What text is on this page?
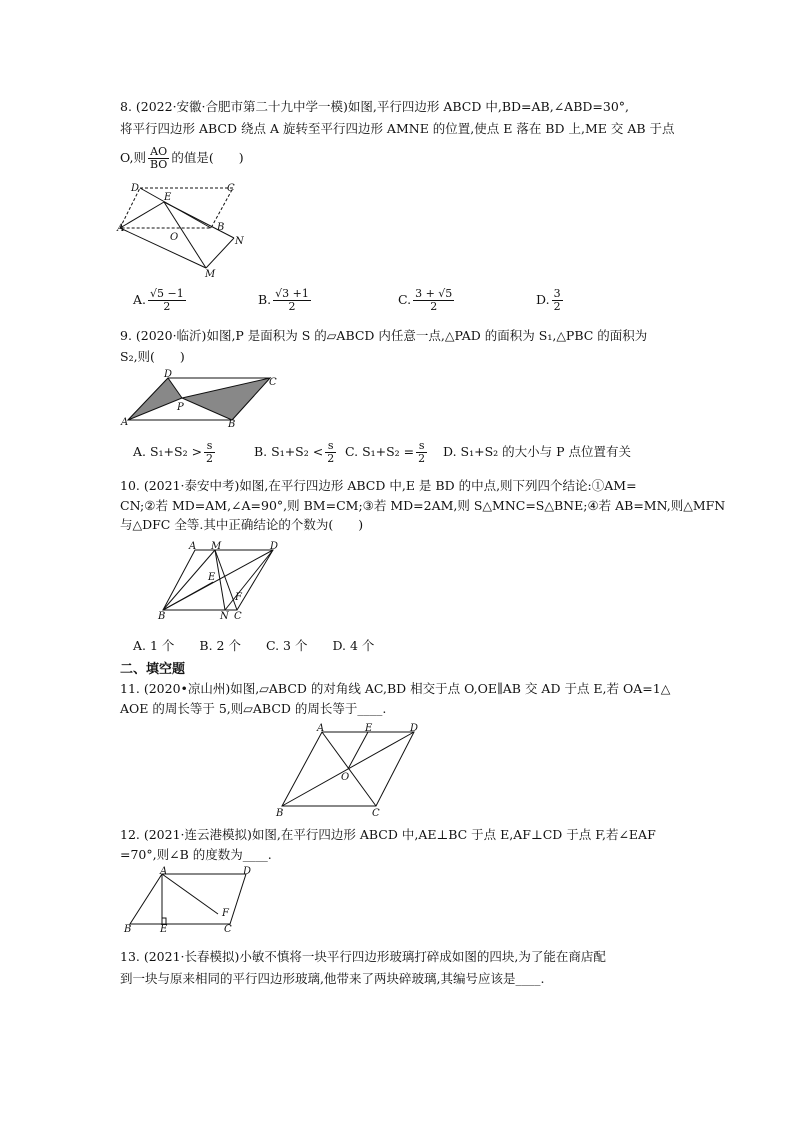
8. (2022·安徽·合肥市第二十九中学一模)如图,平行四边形 ABCD 中,BD=AB,∠ABD=30°,
将平行四边形 ABCD 绕点 A 旋转至平行四边形 AMNE 的位置,使点 E 落在 BD 上,ME 交 AB 于点
O,则 $\frac{AO}{BO}$ 的值是(　　)
D
E
C
A
O
B
N
M
A. $\frac{√5 -1}{2}$	B. $\frac{√3 +1}{2}$	C. $\frac{3 + √5}{2}$	D. $\frac{3}{2}$
9. (2020·临沂)如图,P 是面积为 S 的▱ABCD 内任意一点,△PAD 的面积为 S₁,△PBC 的面积为
S₂,则(　　)
D
C
P
A	B
A. $S_1+S_2 > \frac{s}{2}$	B. $S_1+S_2 < \frac{s}{2} C$. $S_1+S_2 = \frac{s}{2} D$. S₁+S₂ 的大小与 P 点位置有关
10. (2021·泰安中考)如图,在平行四边形 ABCD 中,E 是 BD 的中点,则下列四个结论:①AM=
CN;②若 MD=AM,∠A=90°,则 BM=CM;③若 MD=2AM,则 S△MNC=S△BNE;④若 AB=MN,则△MFN
与△DFC 全等.其中正确结论的个数为(　　)
A M	D
E
F
B	N C
A. 1 个　　B. 2 个　　C. 3 个　　D. 4 个
二、填空题
11. (2020•凉山州)如图,▱ABCD 的对角线 AC,BD 相交于点 O,OE∥AB 交 AD 于点 E,若 OA=1△
AOE 的周长等于 5,则▱ABCD 的周长等于____.
A	E	D
O
B	C
12. (2021·连云港模拟)如图,在平行四边形 ABCD 中,AE⊥BC 于点 E,AF⊥CD 于点 F,若∠EAF
=70°,则∠B 的度数为____.
A	D
F
B	E	C
13. (2021·长春模拟)小敏不慎将一块平行四边形玻璃打碎成如图的四块,为了能在商店配
到一块与原来相同的平行四边形玻璃,他带来了两块碎玻璃,其编号应该是____.
